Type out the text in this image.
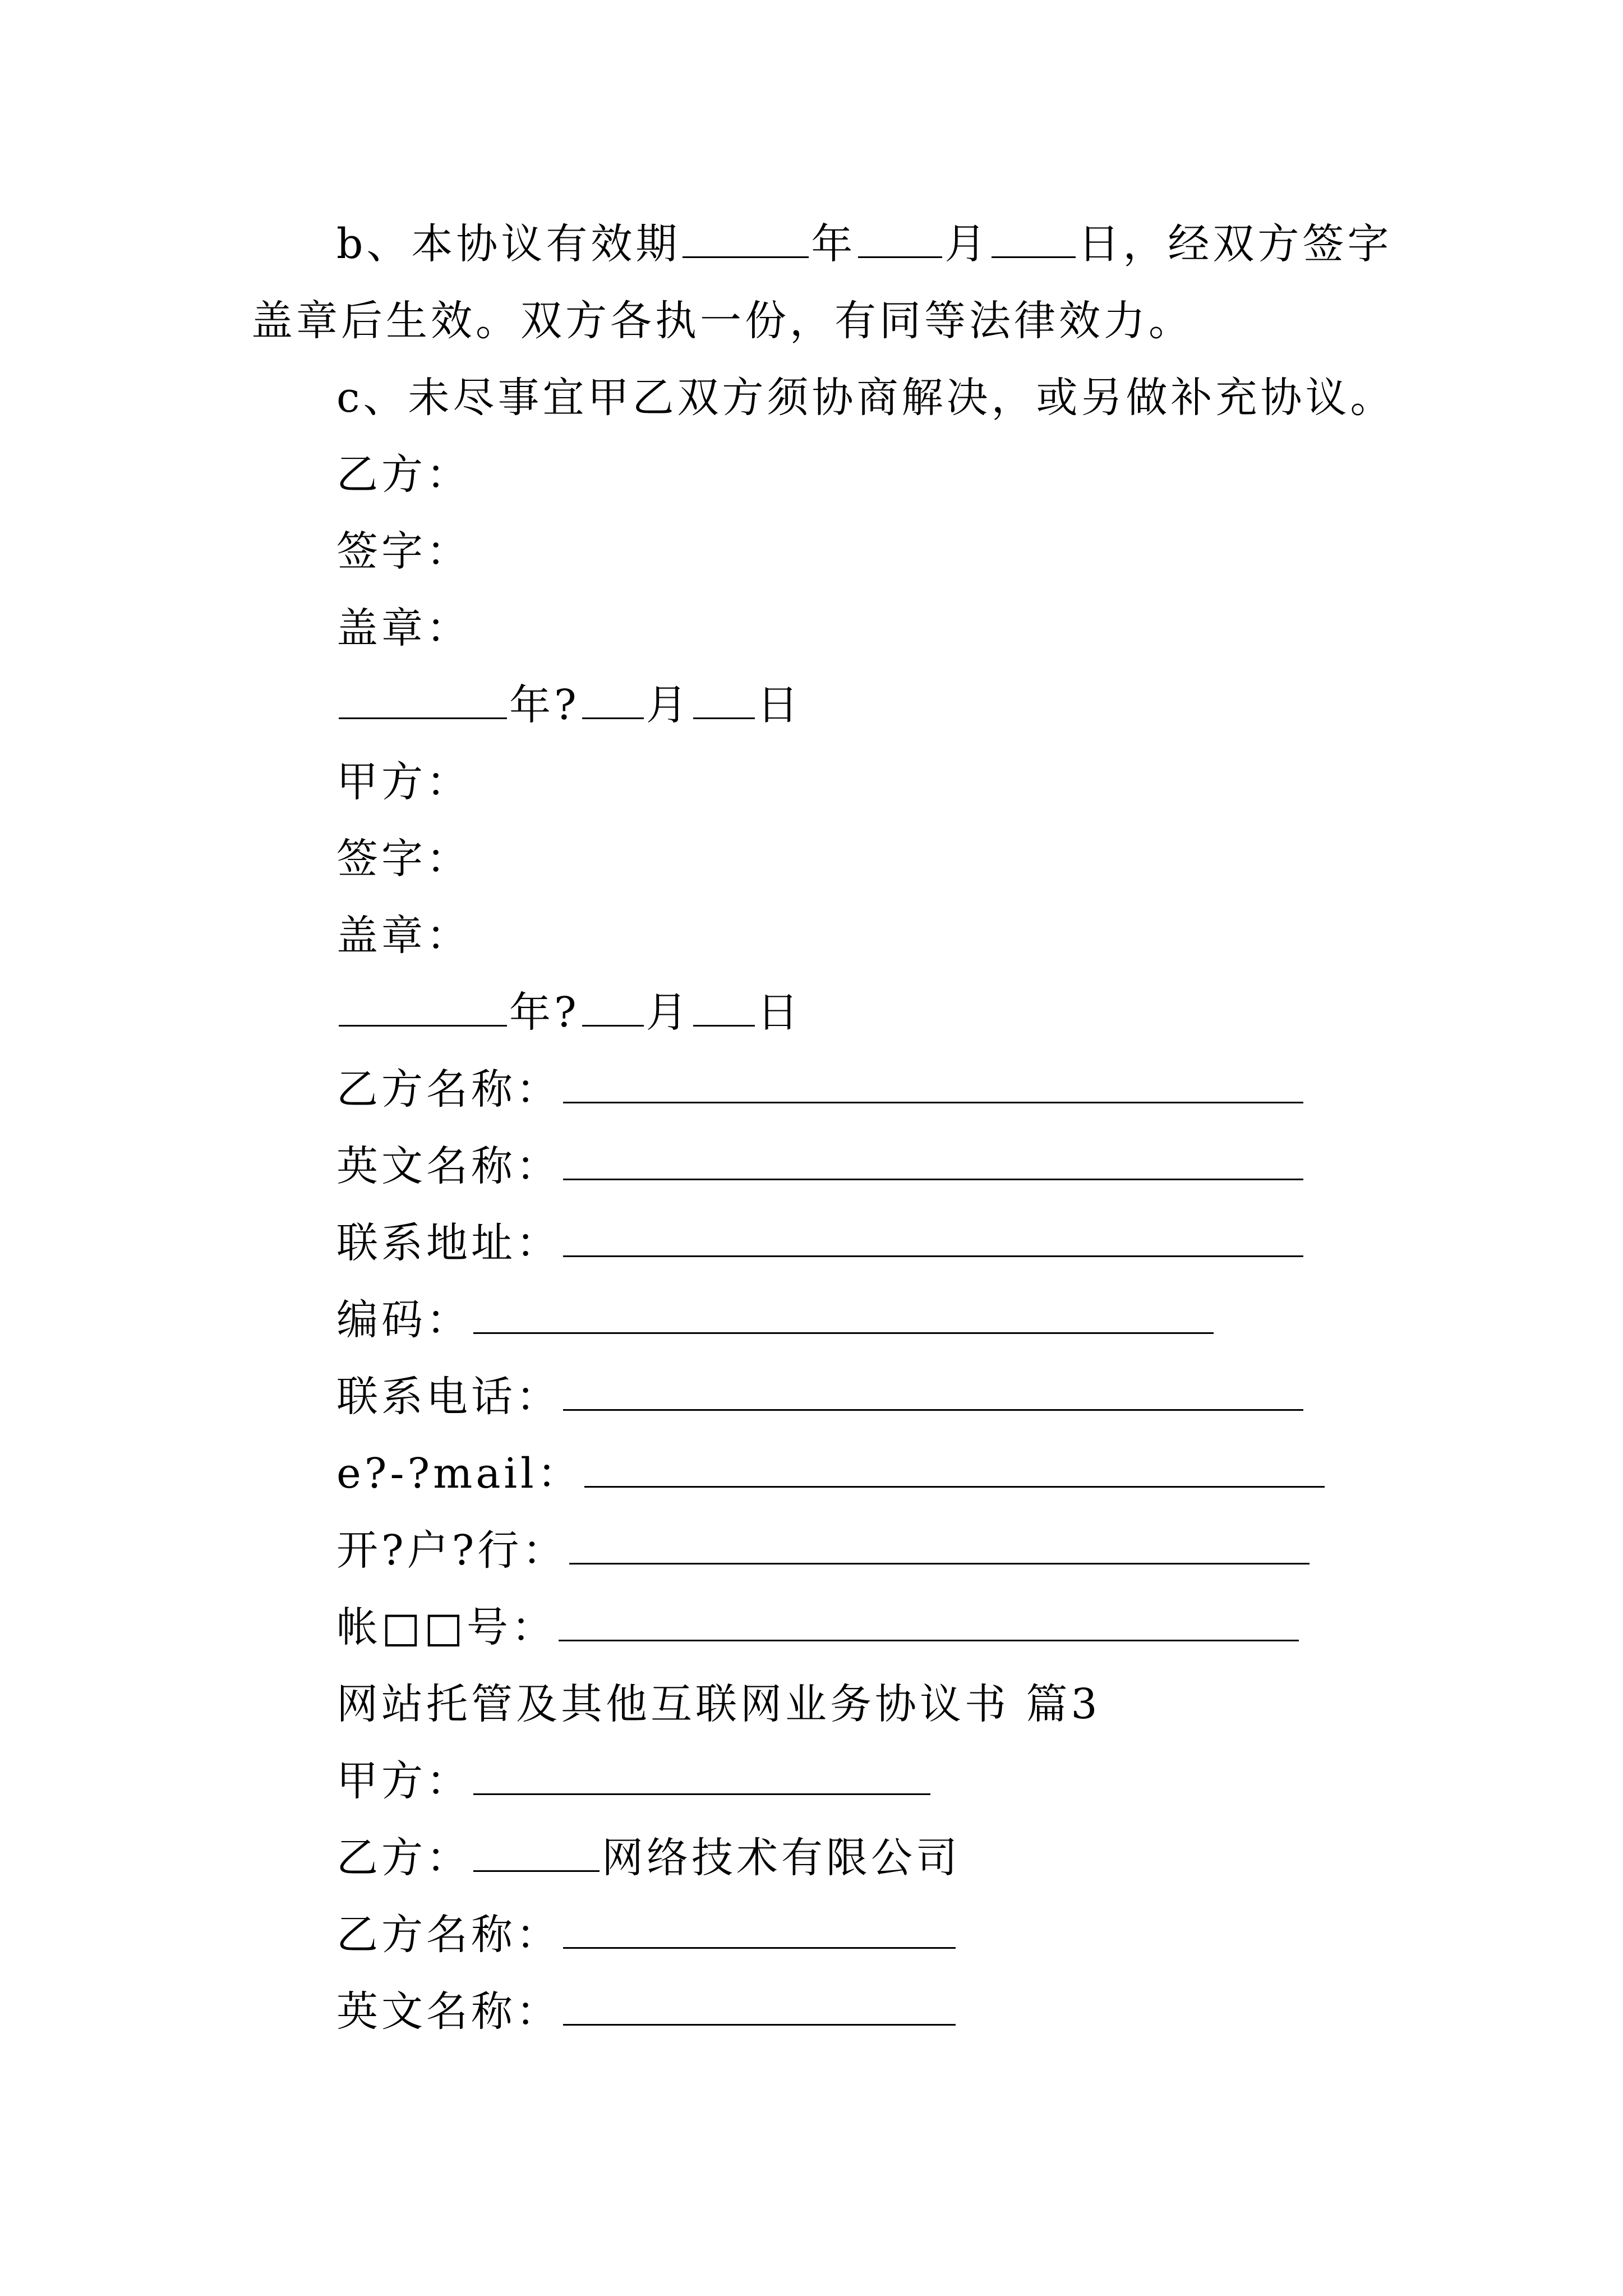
b、本协议有效期	年 月 日，经双方签字
盖章后生效。双方各执一份，有同等法律效力。
c、未尽事宜甲乙双方须协商解决，或另做补充协议。
乙方：
签字：
盖章：
年? 月 日
甲方：
签字：
盖章：
年? 月 日
乙方名称：
英文名称：
联系地址：
编码：
联系电话：
e?-?mail：
开?户?行：
帐□□号：
网站托管及其他互联网业务协议书 篇3
甲方：
乙方：	网络技术有限公司
乙方名称：
英文名称：
